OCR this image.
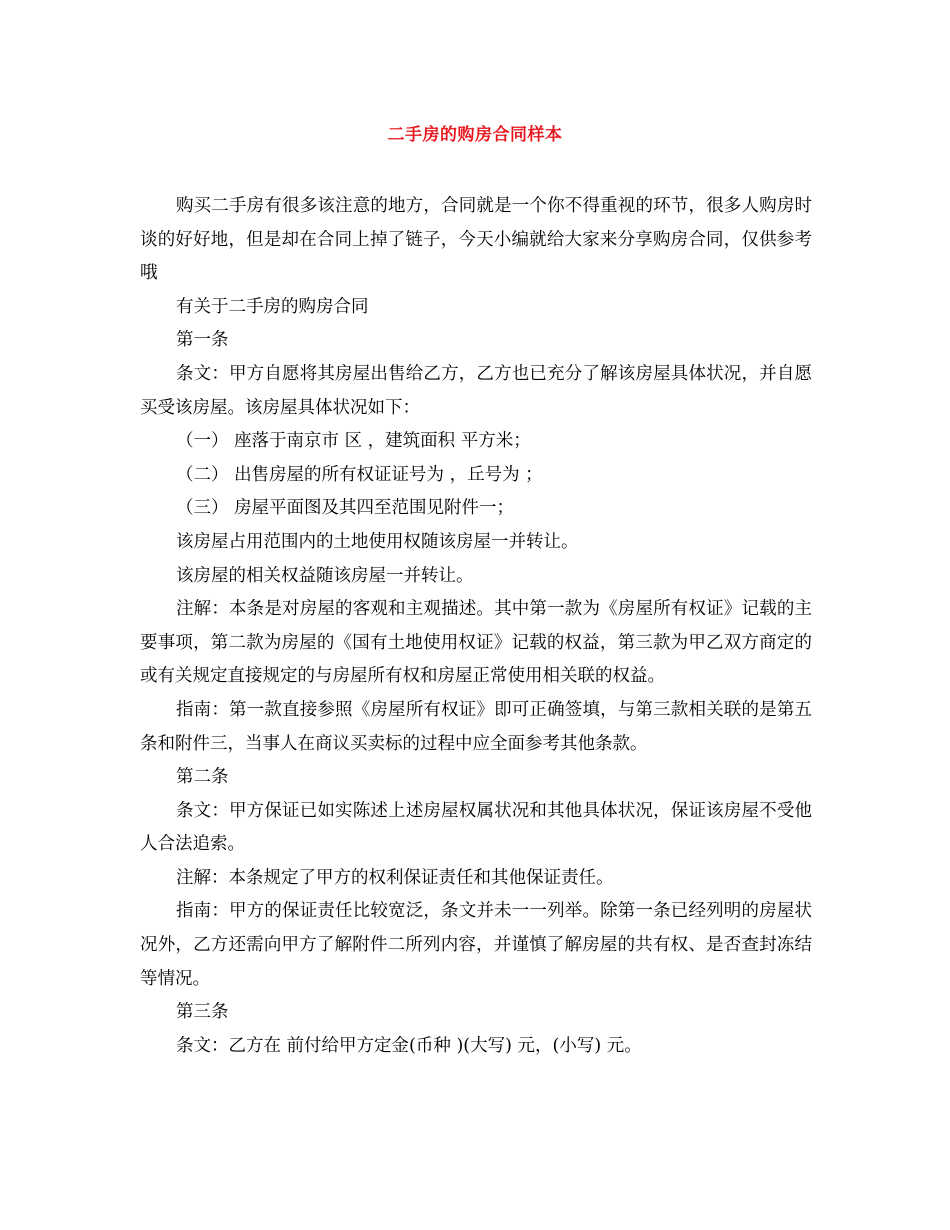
二手房的购房合同样本

购买二手房有很多该注意的地方，合同就是一个你不得重视的环节，很多人购房时谈的好好地，但是却在合同上掉了链子，今天小编就给大家来分享购房合同，仅供参考哦

有关于二手房的购房合同

第一条

条文：甲方自愿将其房屋出售给乙方，乙方也已充分了解该房屋具体状况，并自愿买受该房屋。该房屋具体状况如下：

（一） 座落于南京市 区 ，建筑面积 平方米；

（二） 出售房屋的所有权证证号为 ，丘号为 ；

（三） 房屋平面图及其四至范围见附件一；

该房屋占用范围内的土地使用权随该房屋一并转让。

该房屋的相关权益随该房屋一并转让。

注解：本条是对房屋的客观和主观描述。其中第一款为《房屋所有权证》记载的主要事项，第二款为房屋的《国有土地使用权证》记载的权益，第三款为甲乙双方商定的或有关规定直接规定的与房屋所有权和房屋正常使用相关联的权益。

指南：第一款直接参照《房屋所有权证》即可正确签填，与第三款相关联的是第五条和附件三，当事人在商议买卖标的过程中应全面参考其他条款。

第二条

条文：甲方保证已如实陈述上述房屋权属状况和其他具体状况，保证该房屋不受他人合法追索。

注解：本条规定了甲方的权利保证责任和其他保证责任。

指南：甲方的保证责任比较宽泛，条文并未一一列举。除第一条已经列明的房屋状况外，乙方还需向甲方了解附件二所列内容，并谨慎了解房屋的共有权、是否查封冻结等情况。

第三条

条文：乙方在 前付给甲方定金(币种 )(大写) 元，(小写) 元。
